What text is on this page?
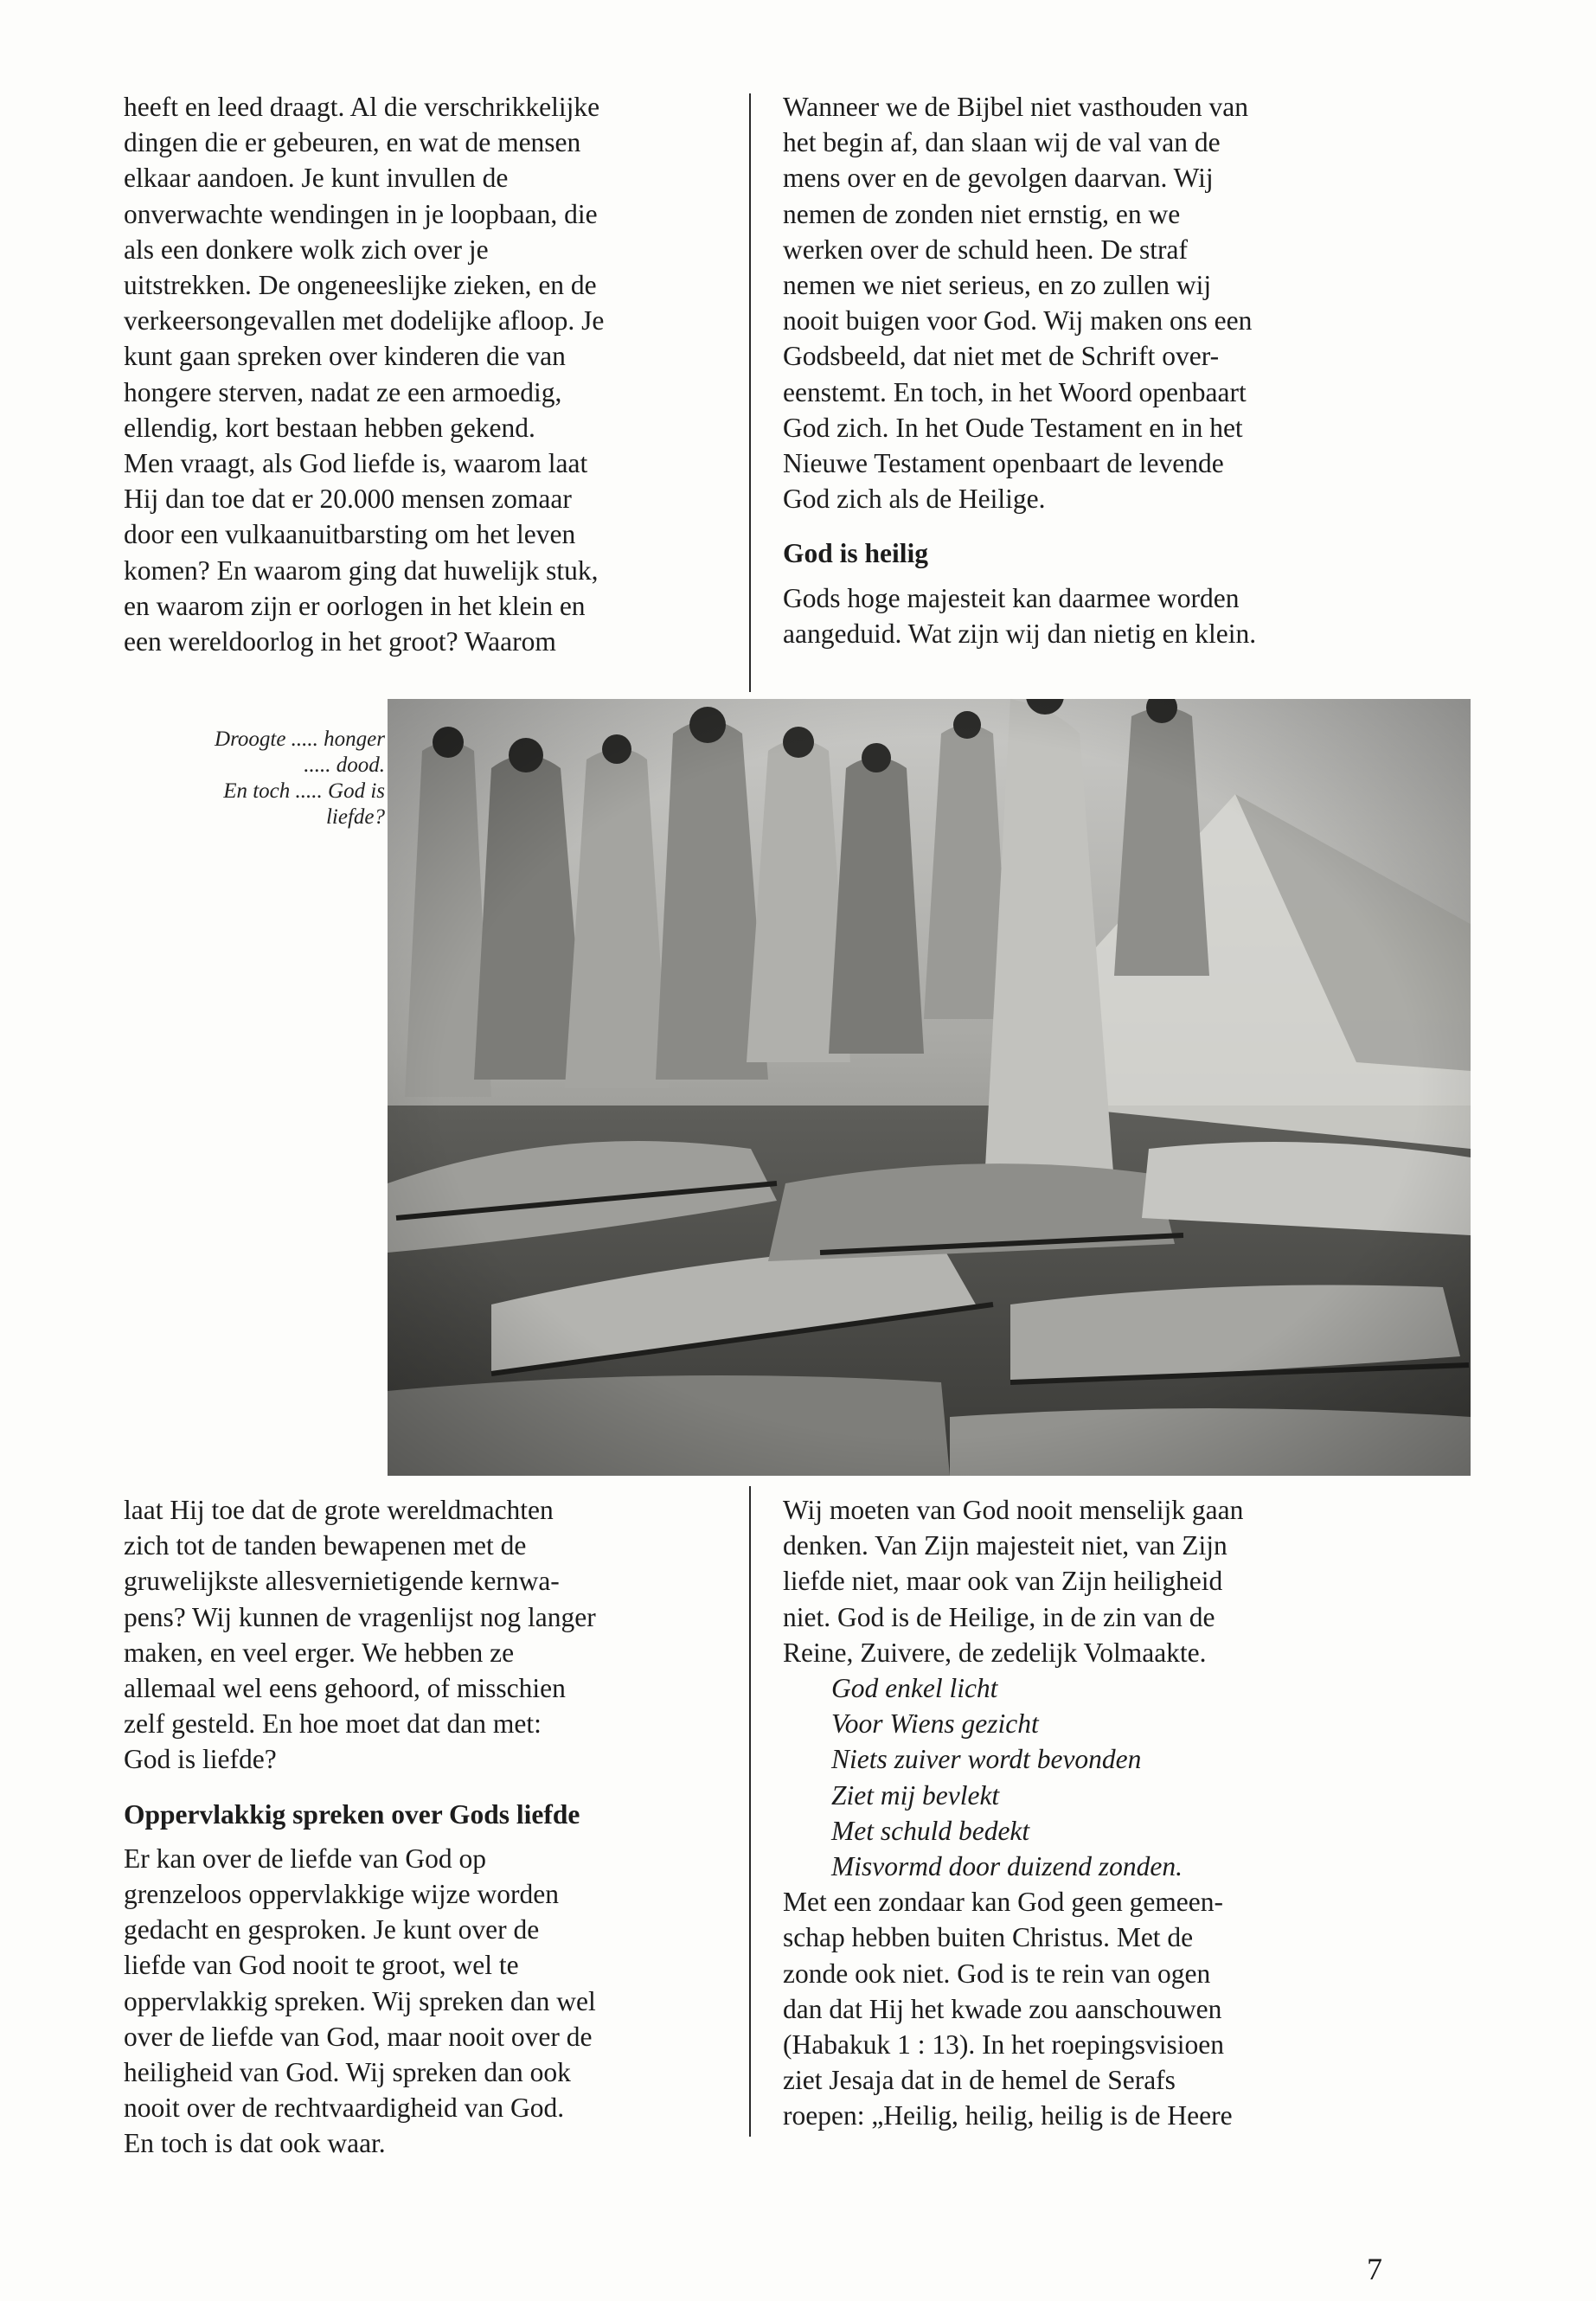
heeft en leed draagt. Al die verschrikkelijke
dingen die er gebeuren, en wat de mensen
elkaar aandoen. Je kunt invullen de
onverwachte wendingen in je loopbaan, die
als een donkere wolk zich over je
uitstrekken. De ongeneeslijke zieken, en de
verkeersongevallen met dodelijke afloop. Je
kunt gaan spreken over kinderen die van
hongere sterven, nadat ze een armoedig,
ellendig, kort bestaan hebben gekend.
Men vraagt, als God liefde is, waarom laat
Hij dan toe dat er 20.000 mensen zomaar
door een vulkaanuitbarsting om het leven
komen? En waarom ging dat huwelijk stuk,
en waarom zijn er oorlogen in het klein en
een wereldoorlog in het groot? Waarom

Wanneer we de Bijbel niet vasthouden van
het begin af, dan slaan wij de val van de
mens over en de gevolgen daarvan. Wij
nemen de zonden niet ernstig, en we
werken over de schuld heen. De straf
nemen we niet serieus, en zo zullen wij
nooit buigen voor God. Wij maken ons een
Godsbeeld, dat niet met de Schrift over-
eenstemt. En toch, in het Woord openbaart
God zich. In het Oude Testament en in het
Nieuwe Testament openbaart de levende
God zich als de Heilige.

God is heilig

Gods hoge majesteit kan daarmee worden
aangeduid. Wat zijn wij dan nietig en klein.

Droogte ..... honger
..... dood.
En toch ..... God is
liefde?

laat Hij toe dat de grote wereldmachten
zich tot de tanden bewapenen met de
gruwelijkste allesvernietigende kernwa-
pens? Wij kunnen de vragenlijst nog langer
maken, en veel erger. We hebben ze
allemaal wel eens gehoord, of misschien
zelf gesteld. En hoe moet dat dan met:
God is liefde?

Oppervlakkig spreken over Gods liefde

Er kan over de liefde van God op
grenzeloos oppervlakkige wijze worden
gedacht en gesproken. Je kunt over de
liefde van God nooit te groot, wel te
oppervlakkig spreken. Wij spreken dan wel
over de liefde van God, maar nooit over de
heiligheid van God. Wij spreken dan ook
nooit over de rechtvaardigheid van God.
En toch is dat ook waar.

Wij moeten van God nooit menselijk gaan
denken. Van Zijn majesteit niet, van Zijn
liefde niet, maar ook van Zijn heiligheid
niet. God is de Heilige, in de zin van de
Reine, Zuivere, de zedelijk Volmaakte.

God enkel licht
Voor Wiens gezicht
Niets zuiver wordt bevonden
Ziet mij bevlekt
Met schuld bedekt
Misvormd door duizend zonden.

Met een zondaar kan God geen gemeen-
schap hebben buiten Christus. Met de
zonde ook niet. God is te rein van ogen
dan dat Hij het kwade zou aanschouwen
(Habakuk 1 : 13). In het roepingsvisioen
ziet Jesaja dat in de hemel de Serafs
roepen: „Heilig, heilig, heilig is de Heere

7
